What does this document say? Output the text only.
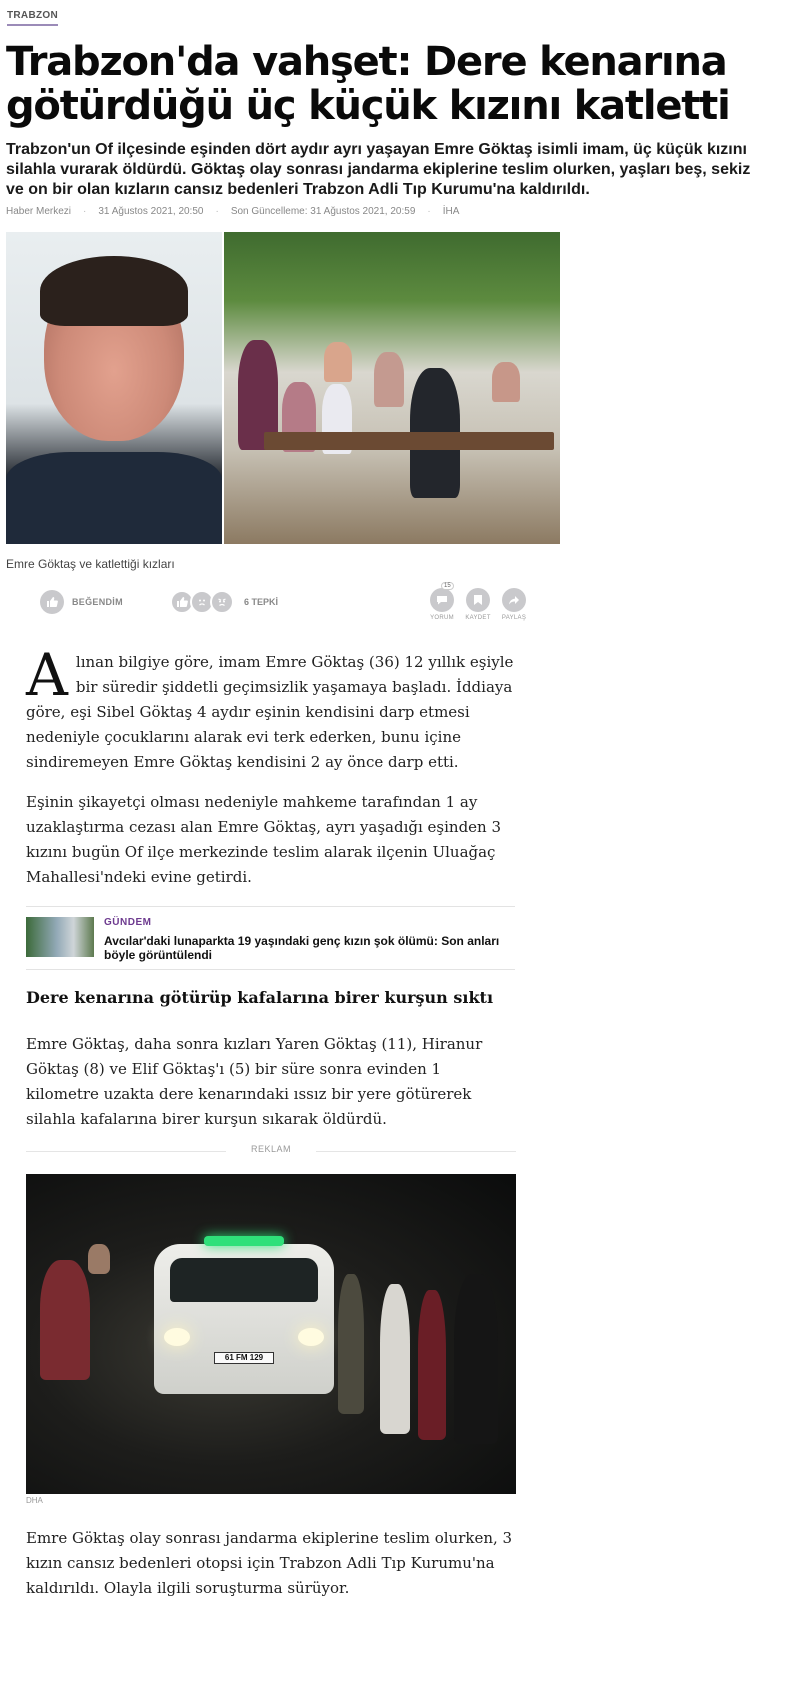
TRABZON
Trabzon'da vahşet: Dere kenarına götürdüğü üç küçük kızını katletti

Trabzon'un Of ilçesinde eşinden dört aydır ayrı yaşayan Emre Göktaş isimli imam, üç küçük kızını silahla vurarak öldürdü. Göktaş olay sonrası jandarma ekiplerine teslim olurken, yaşları beş, sekiz ve on bir olan kızların cansız bedenleri Trabzon Adli Tıp Kurumu'na kaldırıldı.

Haber Merkezi · 31 Ağustos 2021, 20:50 · Son Güncelleme: 31 Ağustos 2021, 20:59 · İHA
Emre Göktaş ve katlettiği kızları
BEĞENDİM	6 TEPKİ
15
YORUM KAYDET PAYLAŞ
Alınan bilgiye göre, imam Emre Göktaş (36) 12 yıllık eşiyle bir süredir şiddetli geçimsizlik yaşamaya başladı. İddiaya göre, eşi Sibel Göktaş 4 aydır eşinin kendisini darp etmesi nedeniyle çocuklarını alarak evi terk ederken, bunu içine sindiremeyen Emre Göktaş kendisini 2 ay önce darp etti.

Eşinin şikayetçi olması nedeniyle mahkeme tarafından 1 ay uzaklaştırma cezası alan Emre Göktaş, ayrı yaşadığı eşinden 3 kızını bugün Of ilçe merkezinde teslim alarak ilçenin Uluağaç Mahallesi'ndeki evine getirdi.

GÜNDEM
Avcılar'daki lunaparkta 19 yaşındaki genç kızın şok ölümü: Son anları böyle görüntülendi
Dere kenarına götürüp kafalarına birer kurşun sıktı

Emre Göktaş, daha sonra kızları Yaren Göktaş (11), Hiranur Göktaş (8) ve Elif Göktaş'ı (5) bir süre sonra evinden 1 kilometre uzakta dere kenarındaki ıssız bir yere götürerek silahla kafalarına birer kurşun sıkarak öldürdü.

REKLAM
61 FM 129
DHA

Emre Göktaş olay sonrası jandarma ekiplerine teslim olurken, 3 kızın cansız bedenleri otopsi için Trabzon Adli Tıp Kurumu'na kaldırıldı. Olayla ilgili soruşturma sürüyor.
